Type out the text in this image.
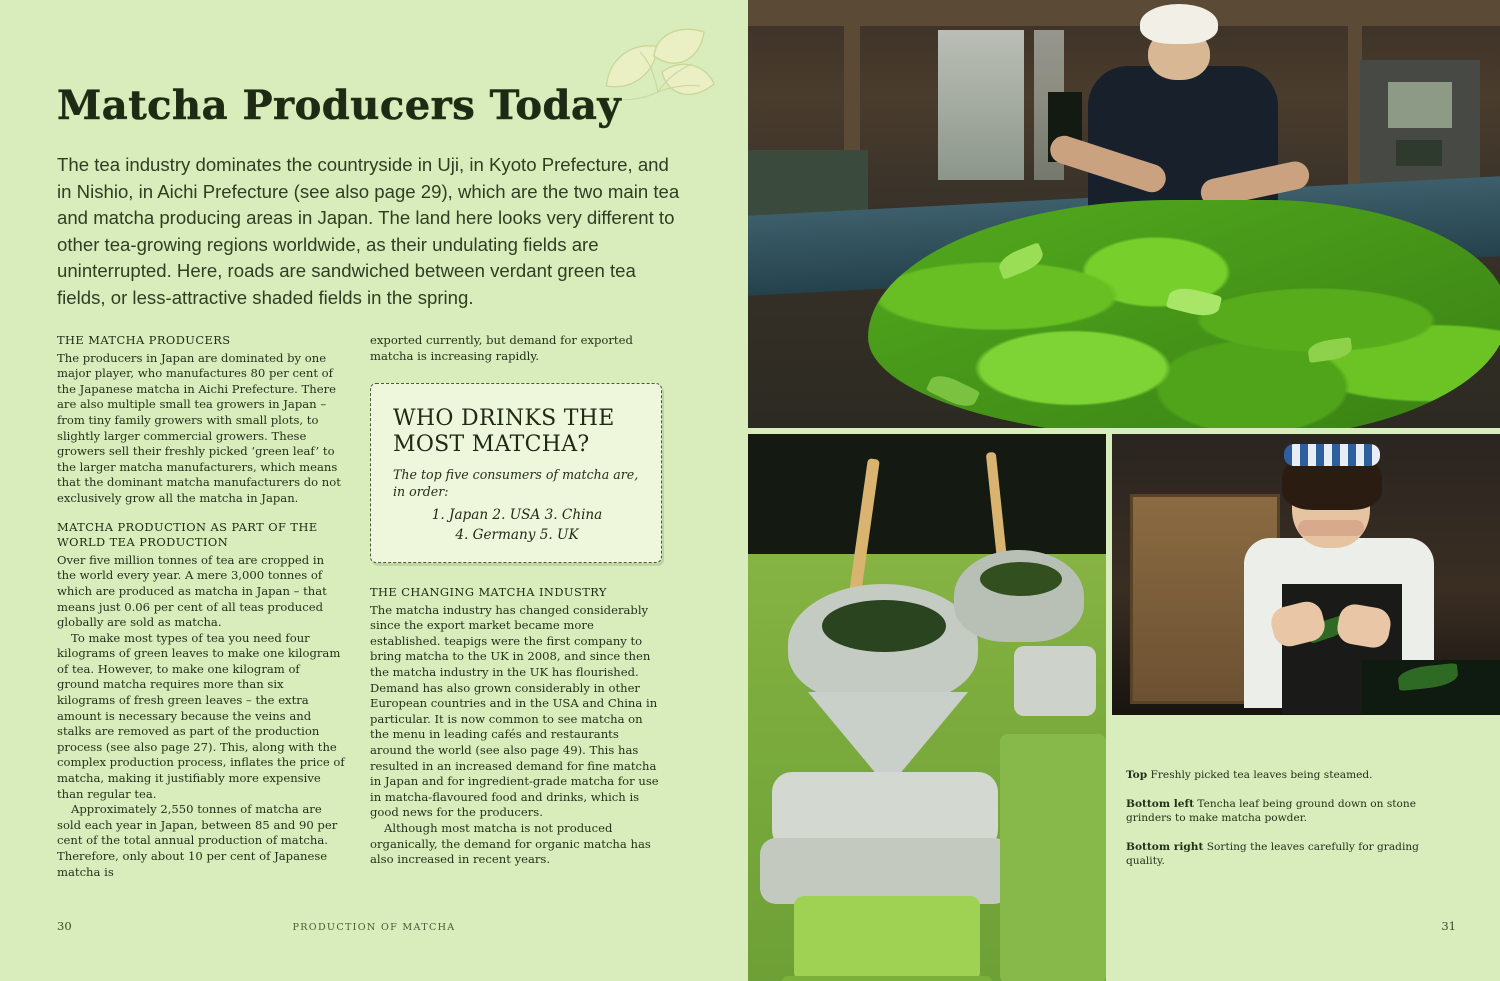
Matcha Producers Today
The tea industry dominates the countryside in Uji, in Kyoto Prefecture, and in Nishio, in Aichi Prefecture (see also page 29), which are the two main tea and matcha producing areas in Japan. The land here looks very different to other tea-growing regions worldwide, as their undulating fields are uninterrupted. Here, roads are sandwiched between verdant green tea fields, or less-attractive shaded fields in the spring.
THE MATCHA PRODUCERS

The producers in Japan are dominated by one major player, who manufactures 80 per cent of the Japanese matcha in Aichi Prefecture. There are also multiple small tea growers in Japan – from tiny family growers with small plots, to slightly larger commercial growers. These growers sell their freshly picked ‘green leaf’ to the larger matcha manufacturers, which means that the dominant matcha manufacturers do not exclusively grow all the matcha in Japan.

MATCHA PRODUCTION AS PART OF THE WORLD TEA PRODUCTION

Over five million tonnes of tea are cropped in the world every year. A mere 3,000 tonnes of which are produced as matcha in Japan – that means just 0.06 per cent of all teas produced globally are sold as matcha.

To make most types of tea you need four kilograms of green leaves to make one kilogram of tea. However, to make one kilogram of ground matcha requires more than six kilograms of fresh green leaves – the extra amount is necessary because the veins and stalks are removed as part of the production process (see also page 27). This, along with the complex production process, inflates the price of matcha, making it justifiably more expensive than regular tea.

Approximately 2,550 tonnes of matcha are sold each year in Japan, between 85 and 90 per cent of the total annual production of matcha. Therefore, only about 10 per cent of Japanese matcha is

exported currently, but demand for exported matcha is increasing rapidly.

WHO DRINKS THE MOST MATCHA?
The top five consumers of matcha are, in order:
1. Japan 2. USA 3. China
4. Germany 5. UK
THE CHANGING MATCHA INDUSTRY

The matcha industry has changed considerably since the export market became more established. teapigs were the first company to bring matcha to the UK in 2008, and since then the matcha industry in the UK has flourished. Demand has also grown considerably in other European countries and in the USA and China in particular. It is now common to see matcha on the menu in leading cafés and restaurants around the world (see also page 49). This has resulted in an increased demand for fine matcha in Japan and for ingredient-grade matcha for use in matcha-flavoured food and drinks, which is good news for the producers.

Although most matcha is not produced organically, the demand for organic matcha has also increased in recent years.

30	PRODUCTION OF MATCHA
Top Freshly picked tea leaves being steamed.
Bottom left Tencha leaf being ground down on stone grinders to make matcha powder.
Bottom right Sorting the leaves carefully for grading quality.
31
